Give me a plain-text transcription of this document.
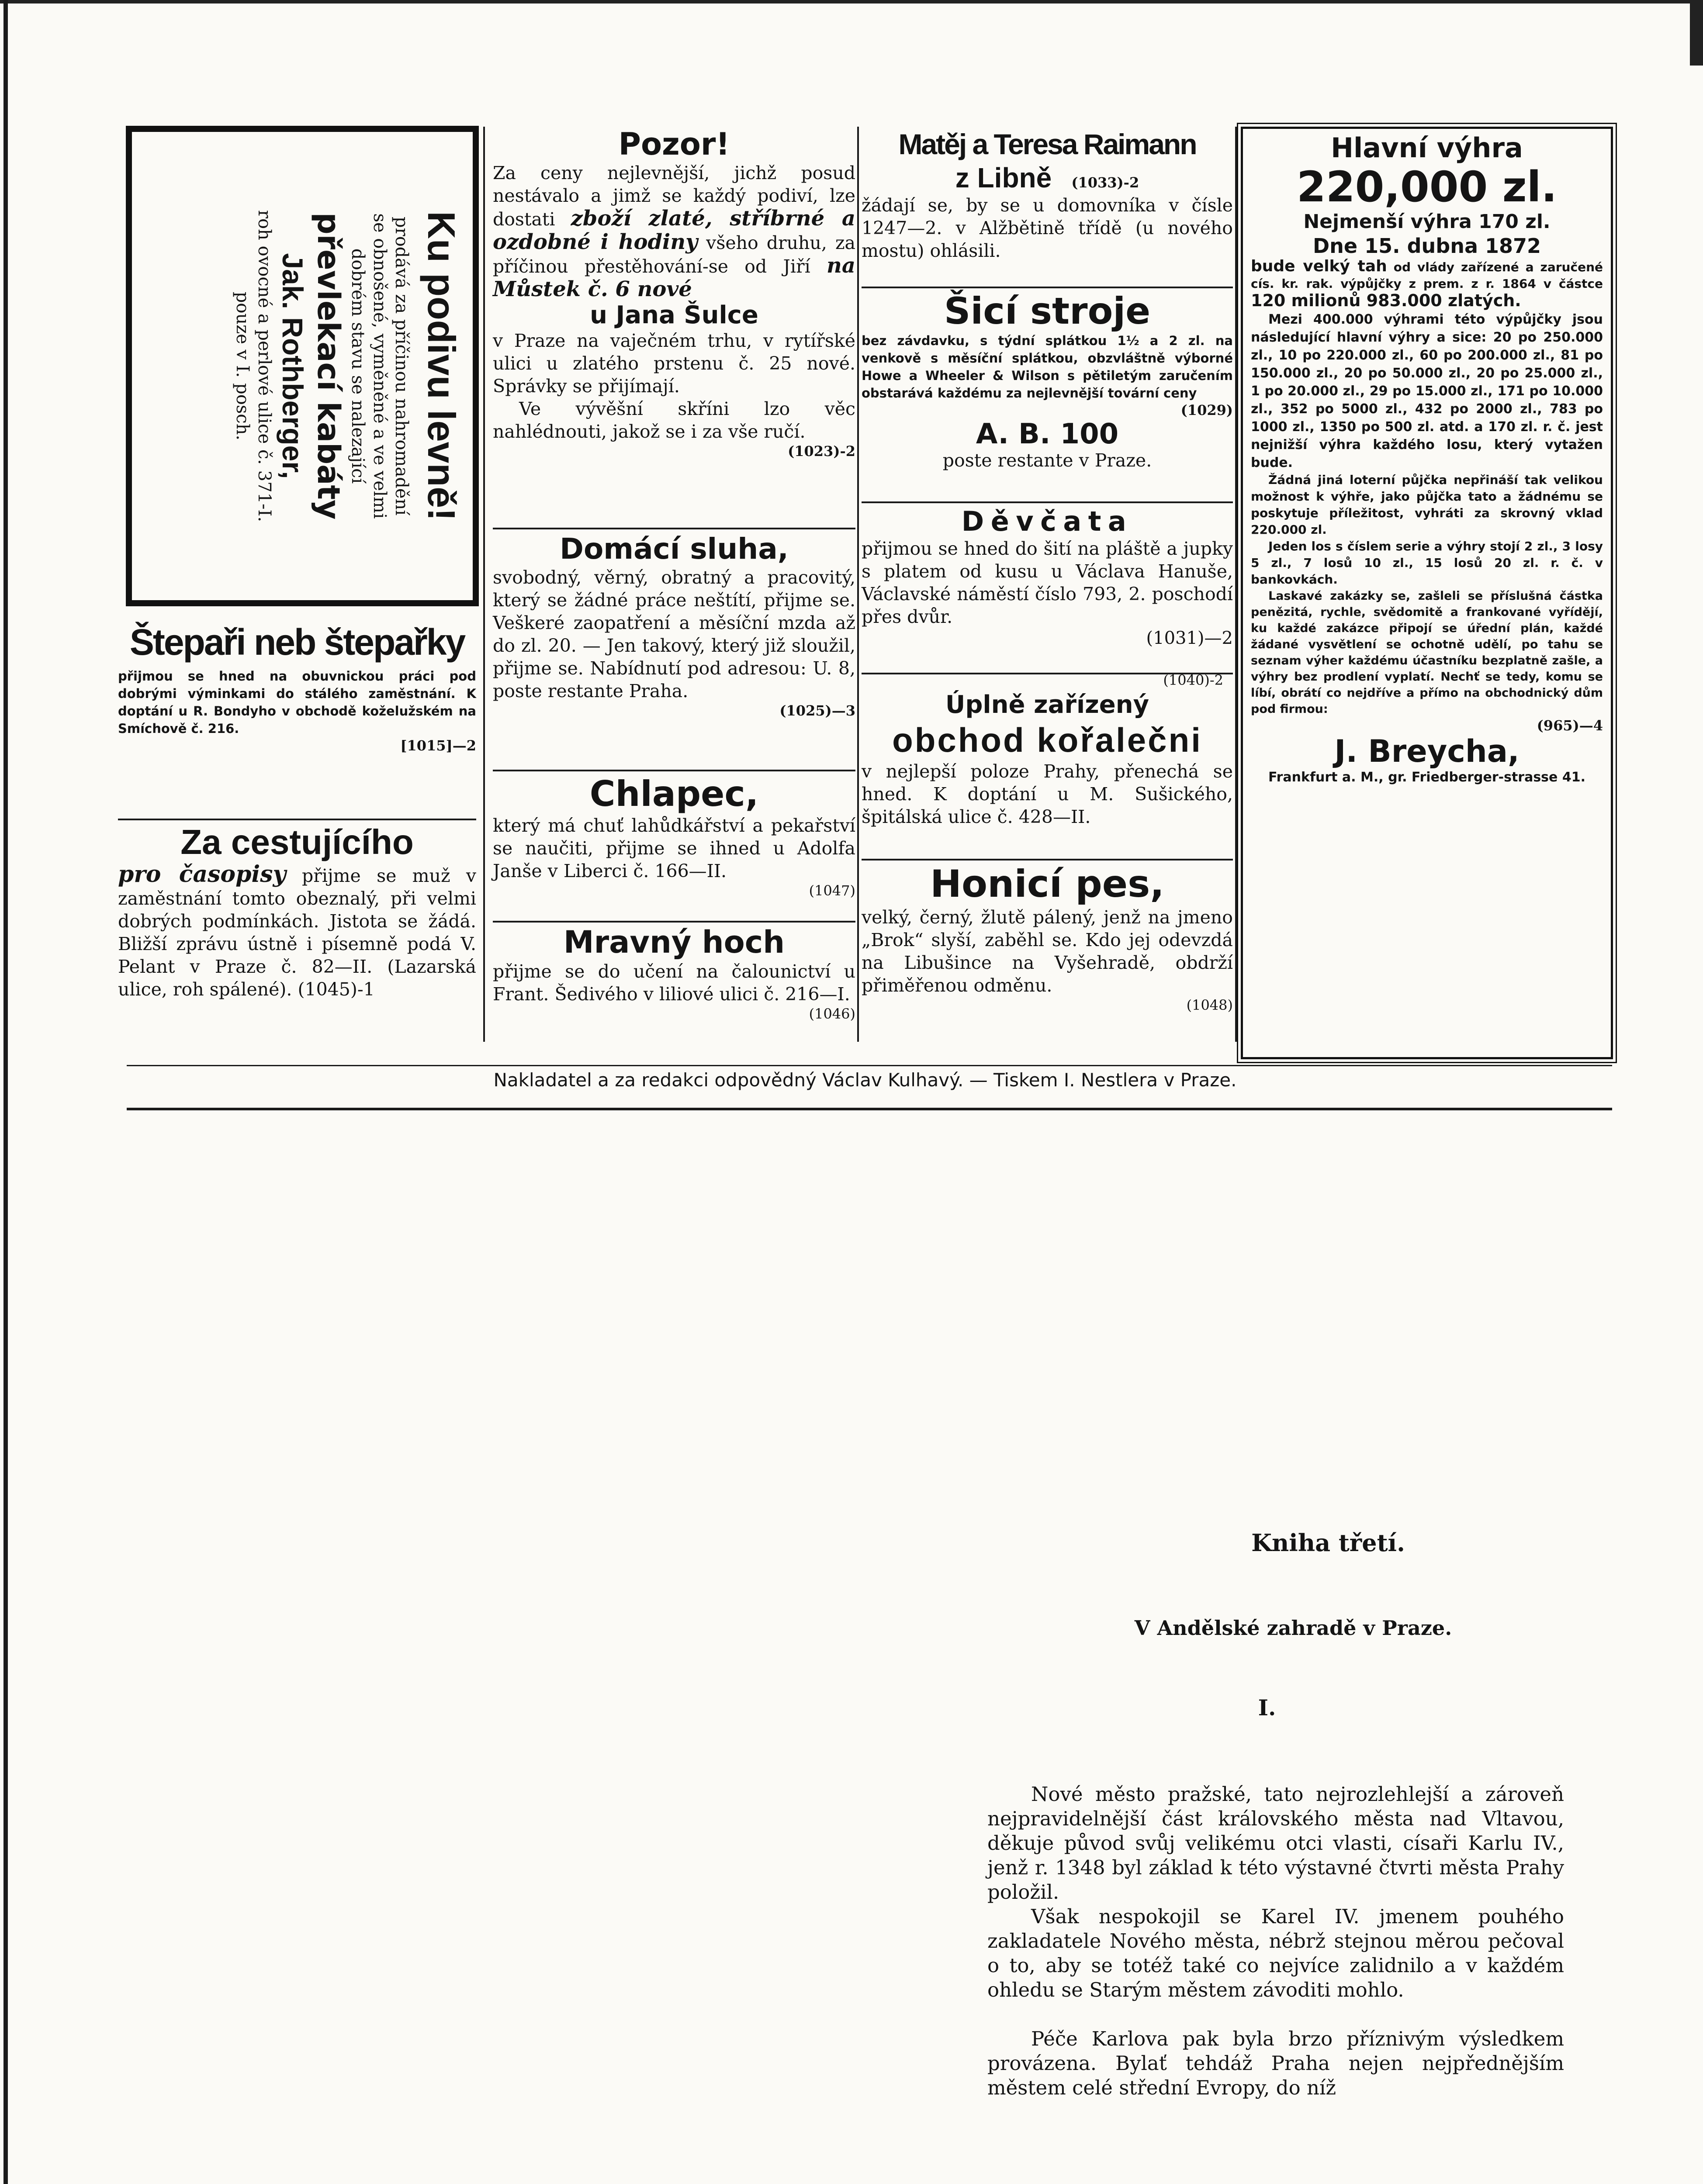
Ku podivu levně!
prodává za příčinou nahromadění
se obnošené, vyměněné a ve velmi
dobrém stavu se nalezající
převlekací kabáty
Jak. Rothberger,
roh ovocné a perlové ulice č. 371-I.
pouze v I. posch.
Štepaři neb štepařky
přijmou se hned na obuvnickou práci pod dobrými výminkami do stálého zaměstnání. K doptání u R. Bondyho v obchodě koželužském na Smíchově č. 216.
[1015]—2
Za cestujícího
pro časopisy přijme se muž v zaměstnání tomto obeznalý, při velmi dobrých podmínkách. Jistota se žádá. Bližší zprávu ústně i písemně podá V. Pelant v Praze č. 82—II. (Lazarská ulice, roh spálené). (1045)-1
Pozor!
Za ceny nejlevnější, jichž posud nestávalo a jimž se každý podiví, lze dostati zboží zlaté, stříbrné a ozdobné i hodiny všeho druhu, za příčinou přestěhování-se od Jiří na Můstek č. 6 nové
u Jana Šulce
v Praze na vaječném trhu, v rytířské ulici u zlatého prstenu č. 25 nové. Správky se přijímají.
Ve vývěšní skříni lzo věc nahlédnouti, jakož se i za vše ručí.
(1023)-2
Domácí sluha,
svobodný, věrný, obratný a pracovitý, který se žádné práce neštítí, přijme se. Veškeré zaopatření a měsíční mzda až do zl. 20. — Jen takový, který již sloužil, přijme se. Nabídnutí pod adresou: U. 8, poste restante Praha.
(1025)—3
Chlapec,
který má chuť lahůdkářství a pekařství se naučiti, přijme se ihned u Adolfa Janše v Liberci č. 166—II.
(1047)
Mravný hoch
přijme se do učení na čalounictví u Frant. Šedivého v liliové ulici č. 216—I.
(1046)
Matěj a Teresa Raimann
z Libně (1033)-2
žádají se, by se u domovníka v čísle 1247—2. v Alžbětině třídě (u nového mostu) ohlásili.
Šicí stroje
bez závdavku, s týdní splátkou 1½ a 2 zl. na venkově s měsíční splátkou, obzvláštně výborné Howe a Wheeler & Wilson s pětiletým zaručením obstarává každému za nejlevnější tovární ceny
(1029)
A. B. 100
poste restante v Praze.
Děvčata
přijmou se hned do šití na pláště a jupky s platem od kusu u Václava Hanuše, Václavské náměstí číslo 793, 2. poschodí přes dvůr.
(1031)—2
(1040)-2
Úplně zařízený
obchod kořalečni
v nejlepší poloze Prahy, přenechá se hned. K doptání u M. Sušického, špitálská ulice č. 428—II.
Honicí pes,
velký, černý, žlutě pálený, jenž na jmeno „Brok“ slyší, zaběhl se. Kdo jej odevzdá na Libušince na Vyšehradě, obdrží přiměřenou odměnu.
(1048)
Hlavní výhra
220,000 zl.
Nejmenší výhra 170 zl.
Dne 15. dubna 1872
bude velký tah od vlády zařízené a zaručené cís. kr. rak. výpůjčky z prem. z r. 1864 v částce 120 milionů 983.000 zlatých.
Mezi 400.000 výhrami této výpůjčky jsou následující hlavní výhry a sice: 20 po 250.000 zl., 10 po 220.000 zl., 60 po 200.000 zl., 81 po 150.000 zl., 20 po 50.000 zl., 20 po 25.000 zl., 1 po 20.000 zl., 29 po 15.000 zl., 171 po 10.000 zl., 352 po 5000 zl., 432 po 2000 zl., 783 po 1000 zl., 1350 po 500 zl. atd. a 170 zl. r. č. jest nejnižší výhra každého losu, který vytažen bude.
Žádná jiná loterní půjčka nepřináší tak velikou možnost k výhře, jako půjčka tato a žádnému se poskytuje příležitost, vyhráti za skrovný vklad 220.000 zl.
Jeden los s číslem serie a výhry stojí 2 zl., 3 losy 5 zl., 7 losů 10 zl., 15 losů 20 zl. r. č. v bankovkách.
Laskavé zakázky se, zašleli se příslušná částka penězitá, rychle, svědomitě a frankované vyřídějí, ku každé zakázce připojí se úřední plán, každé žádané vysvětlení se ochotně udělí, po tahu se seznam výher každému účastníku bezplatně zašle, a výhry bez prodlení vyplatí. Nechť se tedy, komu se líbí, obrátí co nejdříve a přímo na obchodnický dům pod firmou:
(965)—4
J. Breycha,
Frankfurt a. M., gr. Friedberger-strasse 41.
Nakladatel a za redakci odpovědný Václav Kulhavý. — Tiskem I. Nestlera v Praze.
Kniha třetí.
V Andělské zahradě v Praze.
I.
Nové město pražské, tato nejrozlehlejší a zároveň nejpravidelnější část královského města nad Vltavou, děkuje původ svůj velikému otci vlasti, císaři Karlu IV., jenž r. 1348 byl základ k této výstavné čtvrti města Prahy položil.
Však nespokojil se Karel IV. jmenem pouhého zakladatele Nového města, nébrž stejnou měrou pečoval o to, aby se totéž také co nejvíce zalidnilo a v každém ohledu se Starým městem závoditi mohlo.
Péče Karlova pak byla brzo příznivým výsledkem provázena. Bylať tehdáž Praha nejen nejpřednějším městem celé střední Evropy, do níž
